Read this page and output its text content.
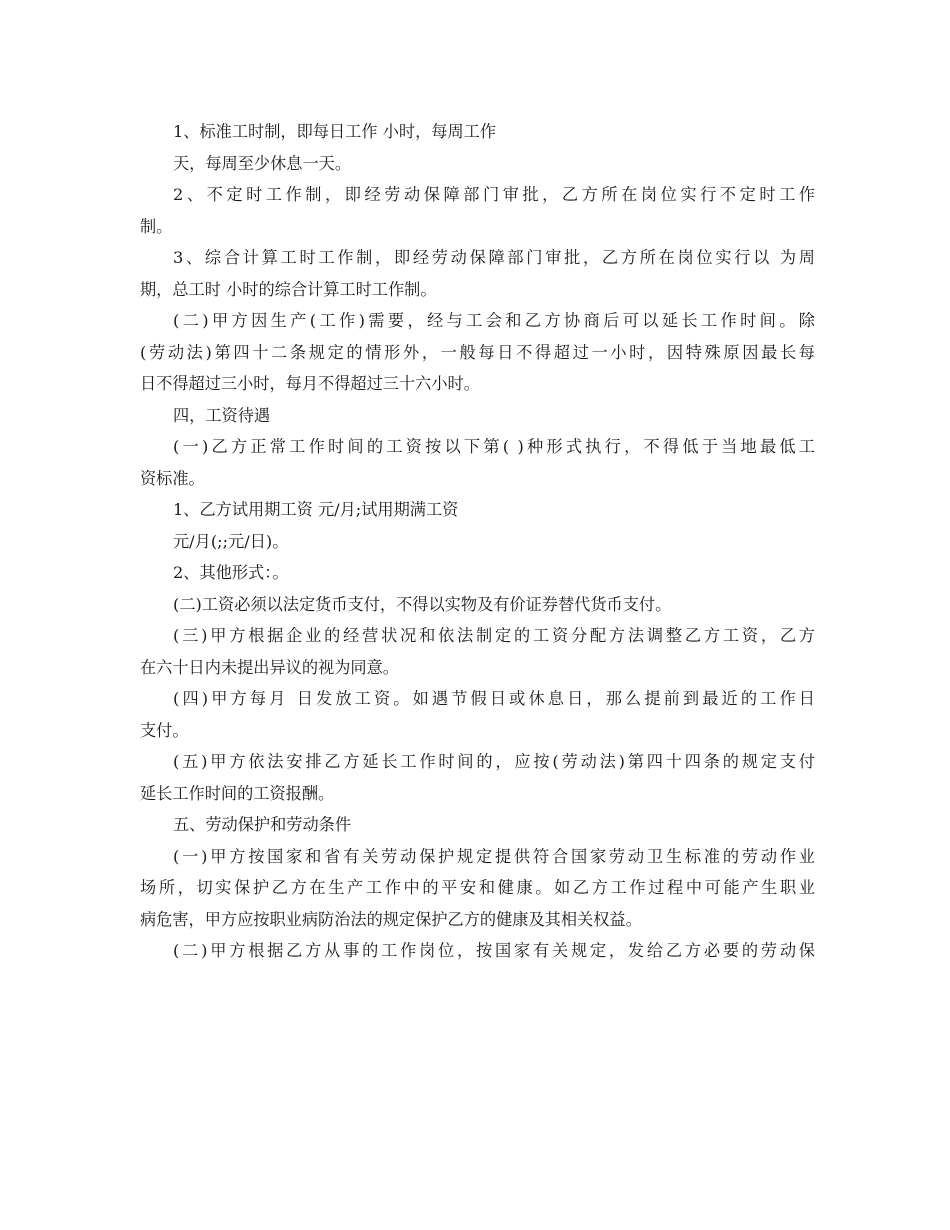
1、标准工时制，即每日工作 小时，每周工作
天，每周至少休息一天。
2、不定时工作制，即经劳动保障部门审批，乙方所在岗位实行不定时工作
制。
3、综合计算工时工作制，即经劳动保障部门审批，乙方所在岗位实行以 为周
期，总工时 小时的综合计算工时工作制。
(二)甲方因生产(工作)需要，经与工会和乙方协商后可以延长工作时间。除
(劳动法)第四十二条规定的情形外，一般每日不得超过一小时，因特殊原因最长每
日不得超过三小时，每月不得超过三十六小时。
四，工资待遇
(一)乙方正常工作时间的工资按以下第( )种形式执行，不得低于当地最低工
资标准。
1、乙方试用期工资 元/月;试用期满工资
元/月(;;元/日)。
2、其他形式：。
(二)工资必须以法定货币支付，不得以实物及有价证券替代货币支付。
(三)甲方根据企业的经营状况和依法制定的工资分配方法调整乙方工资，乙方
在六十日内未提出异议的视为同意。
(四)甲方每月 日发放工资。如遇节假日或休息日，那么提前到最近的工作日
支付。
(五)甲方依法安排乙方延长工作时间的，应按(劳动法)第四十四条的规定支付
延长工作时间的工资报酬。
五、劳动保护和劳动条件
(一)甲方按国家和省有关劳动保护规定提供符合国家劳动卫生标准的劳动作业
场所，切实保护乙方在生产工作中的平安和健康。如乙方工作过程中可能产生职业
病危害，甲方应按职业病防治法的规定保护乙方的健康及其相关权益。
(二)甲方根据乙方从事的工作岗位，按国家有关规定，发给乙方必要的劳动保
